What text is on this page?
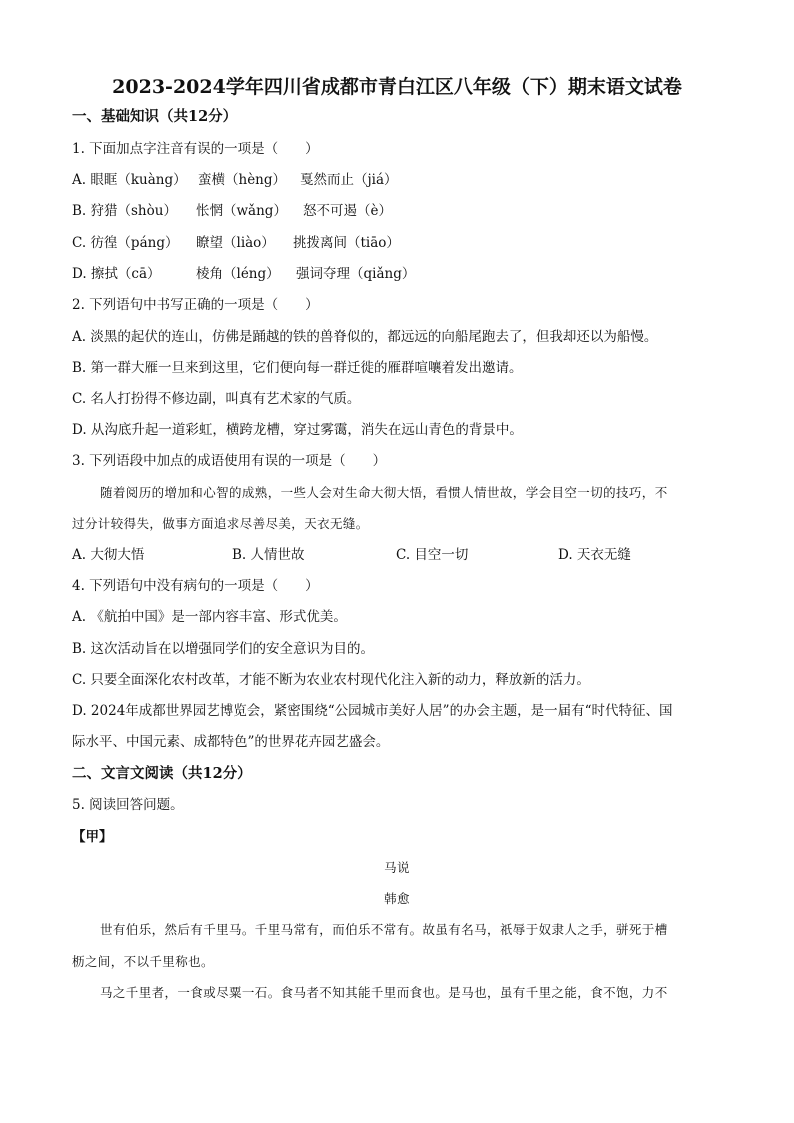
2023-2024学年四川省成都市青白江区八年级（下）期末语文试卷
一、基础知识（共12分）
1. 下面加点字注音有误的一项是（　　）
A. 眼眶（kuàng） 蛮横（hèng） 戛然而止（jiá）
B. 狩猎（shòu） 怅惘（wǎng） 怒不可遏（è）
C. 彷徨（páng） 瞭望（liào） 挑拨离间（tiāo）
D. 擦拭（cā）	棱角（léng） 强词夺理（qiǎng）
2. 下列语句中书写正确的一项是（　　）
A. 淡黑的起伏的连山，仿佛是踊越的铁的兽脊似的，都远远的向船尾跑去了，但我却还以为船慢。
B. 第一群大雁一旦来到这里，它们便向每一群迁徙的雁群喧嚷着发出邀请。
C. 名人打扮得不修边副，叫真有艺术家的气质。
D. 从沟底升起一道彩虹，横跨龙槽，穿过雾霭，消失在远山青色的背景中。
3. 下列语段中加点的成语使用有误的一项是（　　）
随着阅历的增加和心智的成熟，一些人会对生命大彻大悟，看惯人情世故，学会目空一切的技巧，不
过分计较得失，做事方面追求尽善尽美，天衣无缝。
A. 大彻大悟	B. 人情世故	C. 目空一切	D. 天衣无缝
4. 下列语句中没有病句的一项是（　　）
A. 《航拍中国》是一部内容丰富、形式优美。
B. 这次活动旨在以增强同学们的安全意识为目的。
C. 只要全面深化农村改革，才能不断为农业农村现代化注入新的动力，释放新的活力。
D. 2024年成都世界园艺博览会，紧密围绕“公园城市美好人居”的办会主题，是一届有“时代特征、国
际水平、中国元素、成都特色”的世界花卉园艺盛会。
二、文言文阅读（共12分）
5. 阅读回答问题。
【甲】
马说
韩愈
世有伯乐，然后有千里马。千里马常有，而伯乐不常有。故虽有名马，祇辱于奴隶人之手，骈死于槽
枥之间，不以千里称也。
马之千里者，一食或尽粟一石。食马者不知其能千里而食也。是马也，虽有千里之能，食不饱，力不
